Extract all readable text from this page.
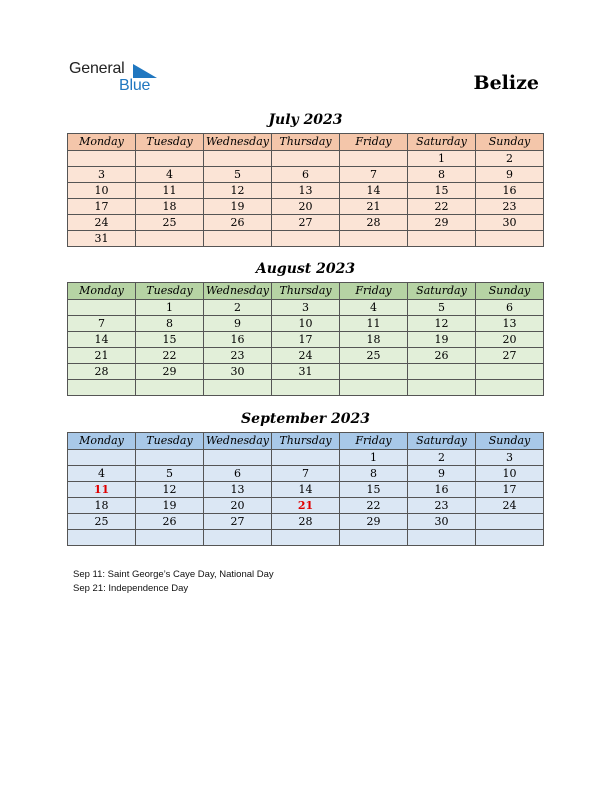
General
Blue	Belize
July 2023
Monday	Tuesday	Wednesday	Thursday	Friday	Saturday	Sunday
					1	2
3	4	5	6	7	8	9
10	11	12	13	14	15	16
17	18	19	20	21	22	23
24	25	26	27	28	29	30
31						
August 2023
Monday	Tuesday	Wednesday	Thursday	Friday	Saturday	Sunday
	1	2	3	4	5	6
7	8	9	10	11	12	13
14	15	16	17	18	19	20
21	22	23	24	25	26	27
28	29	30	31			

September 2023
Monday	Tuesday	Wednesday	Thursday	Friday	Saturday	Sunday
				1	2	3
4	5	6	7	8	9	10
11	12	13	14	15	16	17
18	19	20	21	22	23	24
25	26	27	28	29	30	

Sep 11: Saint George’s Caye Day, National Day
Sep 21: Independence Day
